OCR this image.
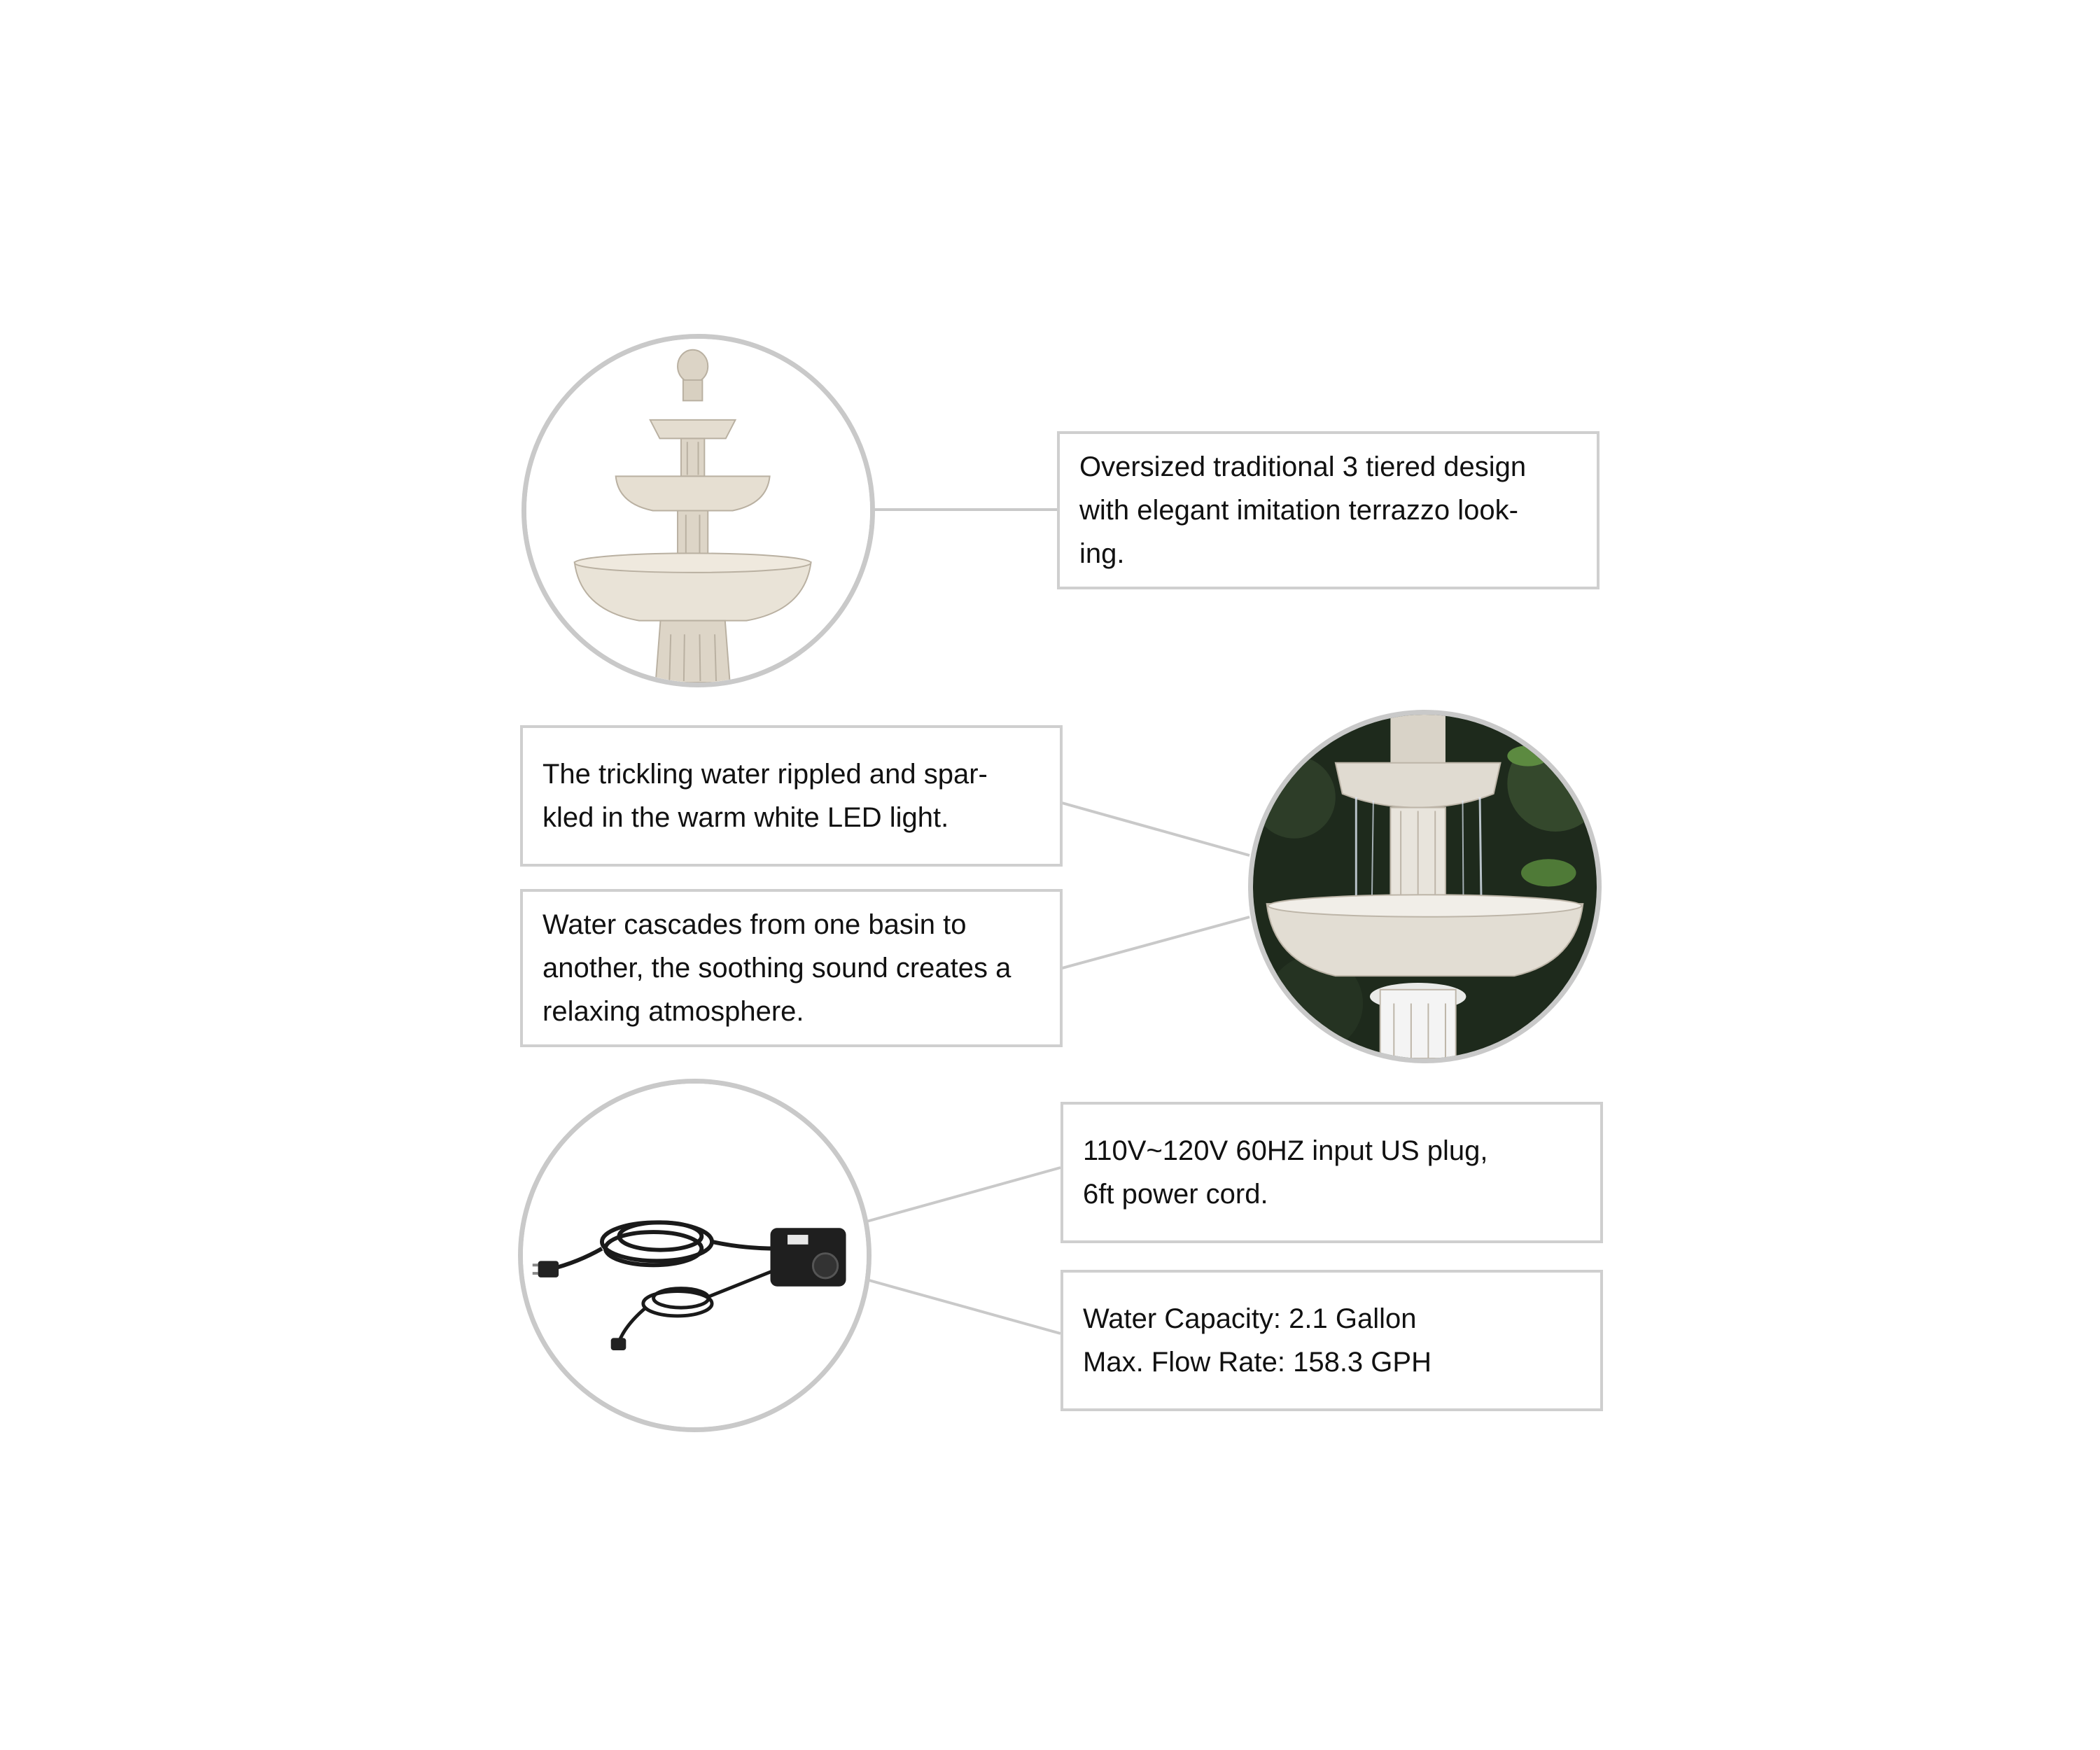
Oversized traditional 3 tiered design
with elegant imitation terrazzo look-
ing.
The trickling water rippled and spar-
kled in the warm white LED light.
Water cascades from one basin to
another, the soothing sound creates a
relaxing atmosphere.
110V~120V 60HZ input US plug,
6ft power cord.
Water Capacity: 2.1 Gallon
Max. Flow Rate: 158.3 GPH
